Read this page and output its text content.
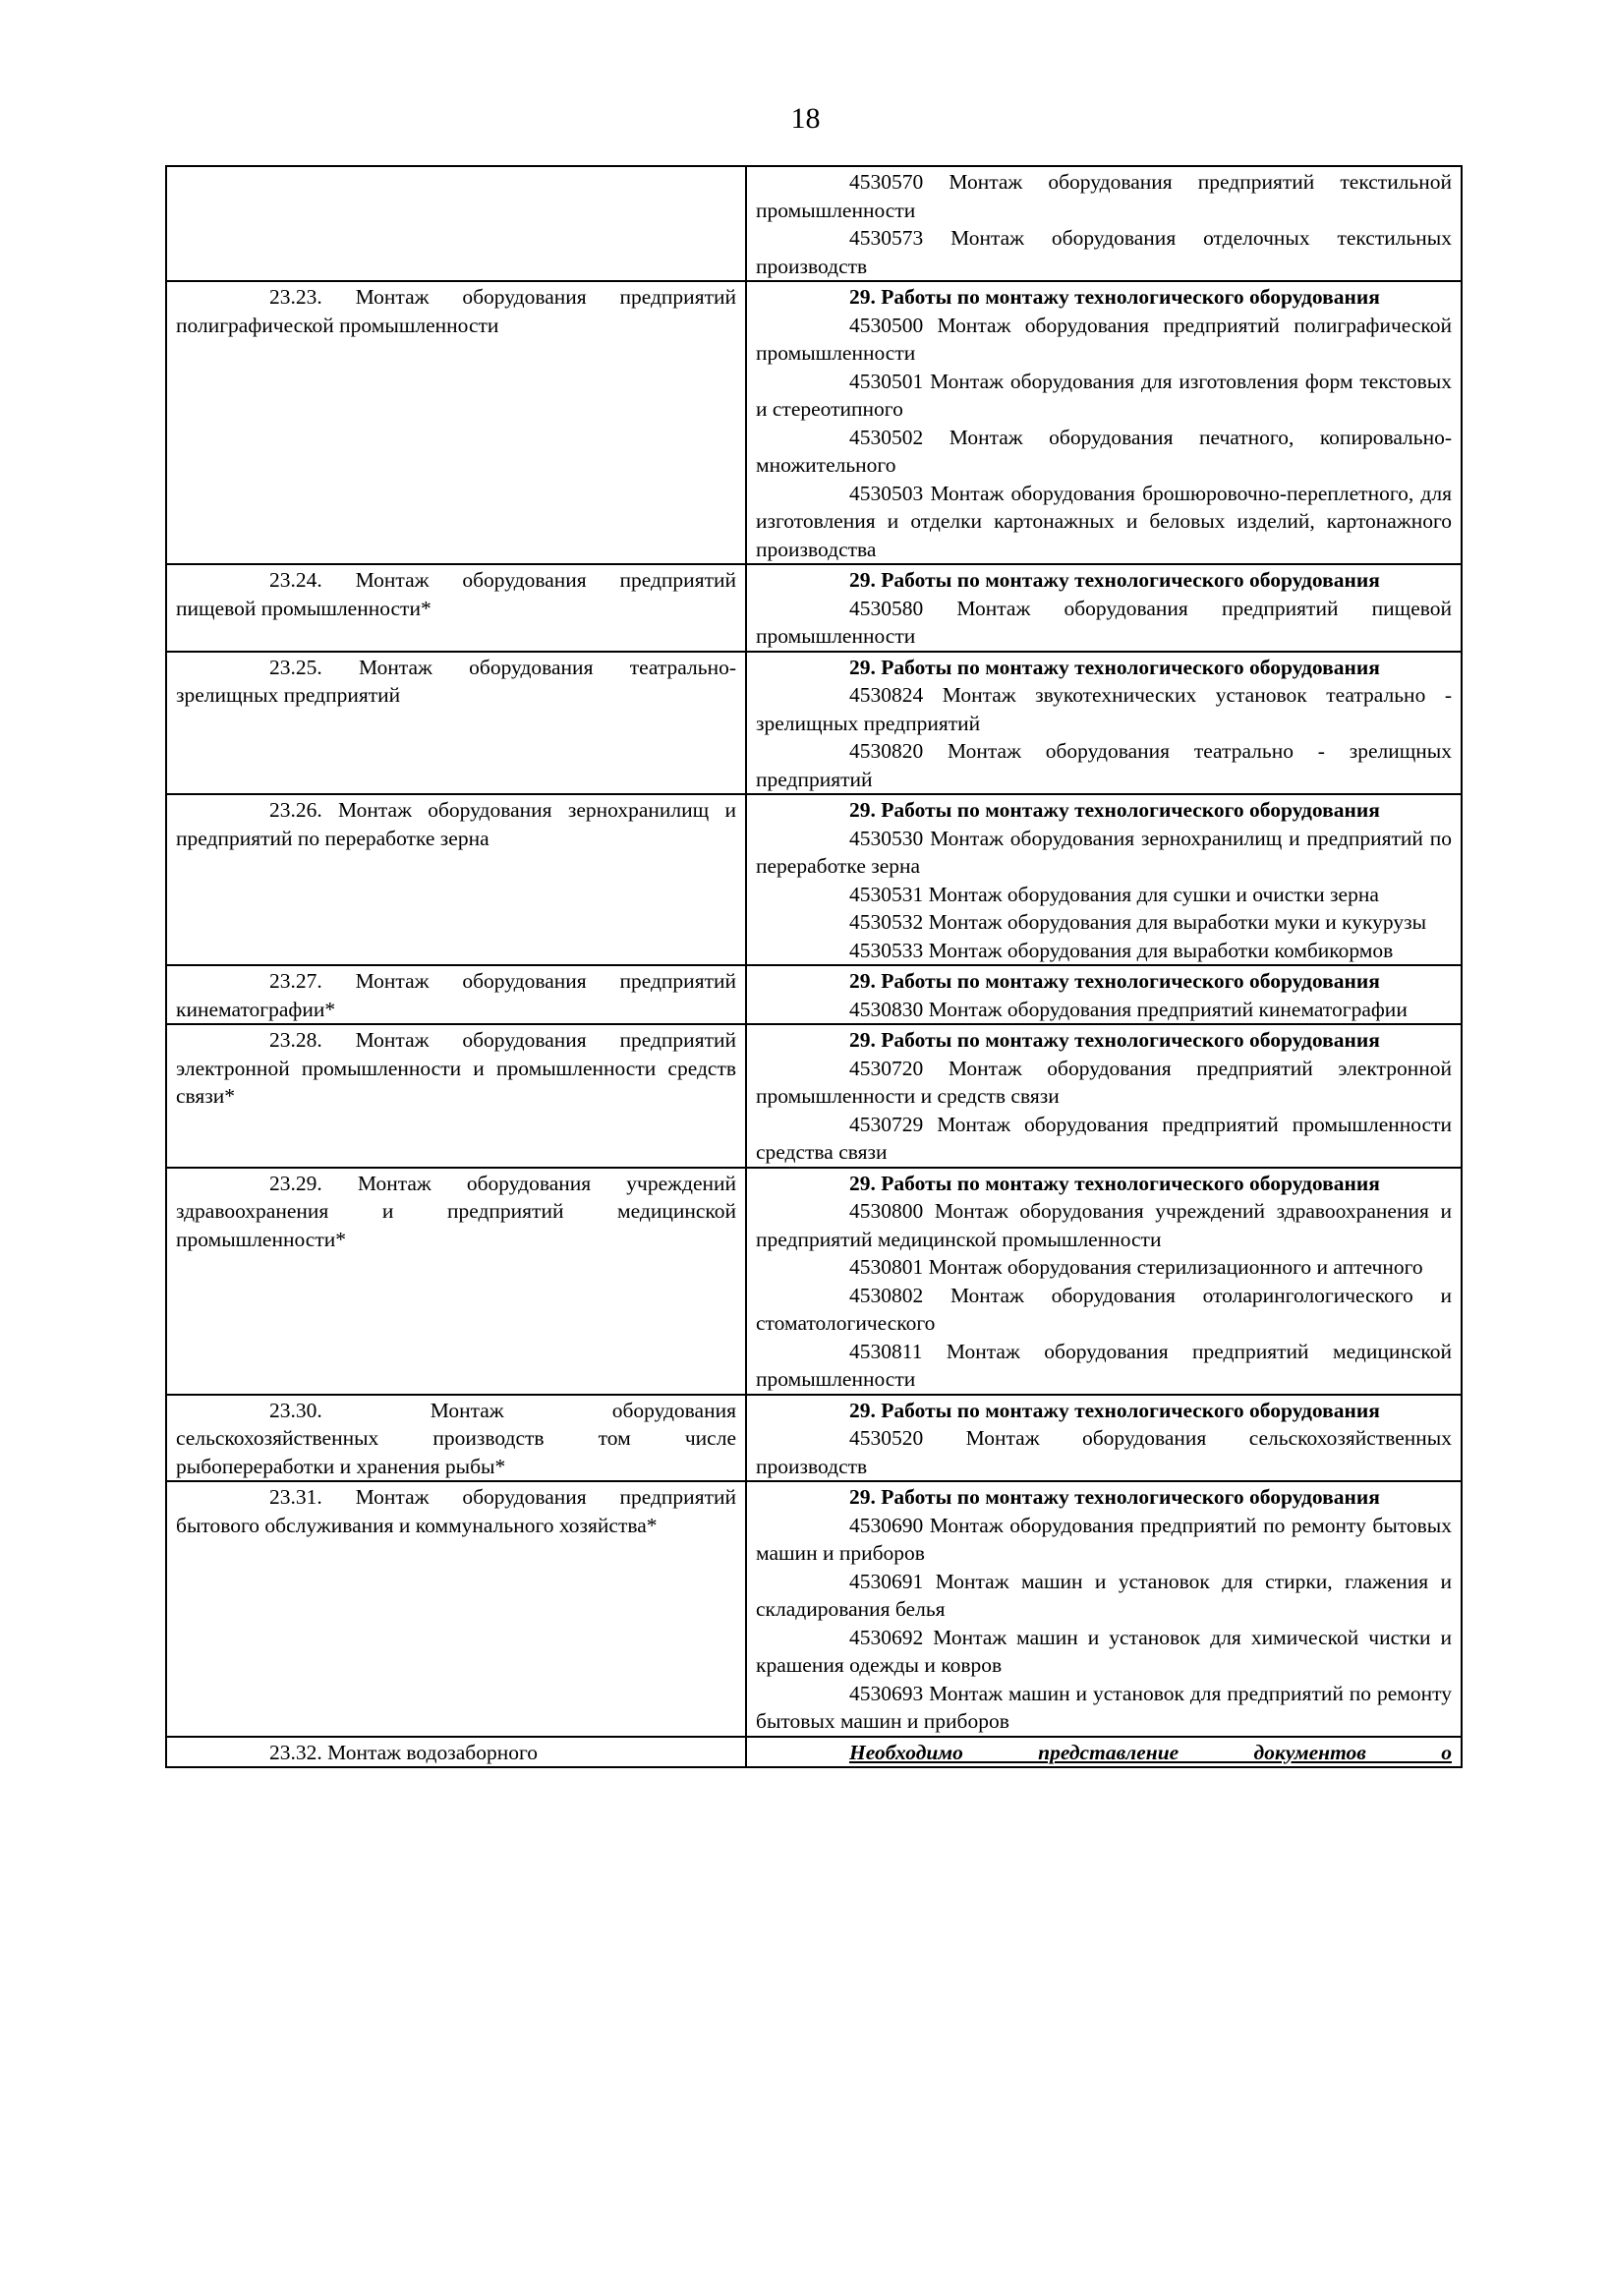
18

	4530570 Монтаж оборудования предприятий текстильной промышленности

4530573 Монтаж оборудования отделочных текстильных производств

23.23. Монтаж оборудования предприятий полиграфической промышленности	29. Работы по монтажу технологического оборудования

4530500 Монтаж оборудования предприятий полиграфической промышленности

4530501 Монтаж оборудования для изготовления форм текстовых и стереотипного

4530502 Монтаж оборудования печатного, копировально-множительного

4530503 Монтаж оборудования брошюровочно-переплетного, для изготовления и отделки картонажных и беловых изделий, картонажного производства

23.24. Монтаж оборудования предприятий пищевой промышленности*	29. Работы по монтажу технологического оборудования

4530580 Монтаж оборудования предприятий пищевой промышленности

23.25. Монтаж оборудования театрально-зрелищных предприятий	29. Работы по монтажу технологического оборудования

4530824 Монтаж звукотехнических установок театрально - зрелищных предприятий

4530820 Монтаж оборудования театрально - зрелищных предприятий

23.26. Монтаж оборудования зернохранилищ и предприятий по переработке зерна	29. Работы по монтажу технологического оборудования

4530530 Монтаж оборудования зернохранилищ и предприятий по переработке зерна

4530531 Монтаж оборудования для сушки и очистки зерна

4530532 Монтаж оборудования для выработки муки и кукурузы

4530533 Монтаж оборудования для выработки комбикормов

23.27. Монтаж оборудования предприятий кинематографии*	29. Работы по монтажу технологического оборудования

4530830 Монтаж оборудования предприятий кинематографии

23.28. Монтаж оборудования предприятий электронной промышленности и промышленности средств связи*	29. Работы по монтажу технологического оборудования

4530720 Монтаж оборудования предприятий электронной промышленности и средств связи

4530729 Монтаж оборудования предприятий промышленности средства связи

23.29. Монтаж оборудования учреждений здравоохранения и предприятий медицинской промышленности*	29. Работы по монтажу технологического оборудования

4530800 Монтаж оборудования учреждений здравоохранения и предприятий медицинской промышленности

4530801 Монтаж оборудования стерилизационного и аптечного

4530802 Монтаж оборудования отоларингологического и стоматологического

4530811 Монтаж оборудования предприятий медицинской промышленности

23.30. Монтаж оборудования сельскохозяйственных производств том числе рыбопереработки и хранения рыбы*	29. Работы по монтажу технологического оборудования

4530520 Монтаж оборудования сельскохозяйственных производств

23.31. Монтаж оборудования предприятий бытового обслуживания и коммунального хозяйства*	29. Работы по монтажу технологического оборудования

4530690 Монтаж оборудования предприятий по ремонту бытовых машин и приборов

4530691 Монтаж машин и установок для стирки, глажения и складирования белья

4530692 Монтаж машин и установок для химической чистки и крашения одежды и ковров

4530693 Монтаж машин и установок для предприятий по ремонту бытовых машин и приборов

23.32. Монтаж водозаборного	Необходимо представление документов о
